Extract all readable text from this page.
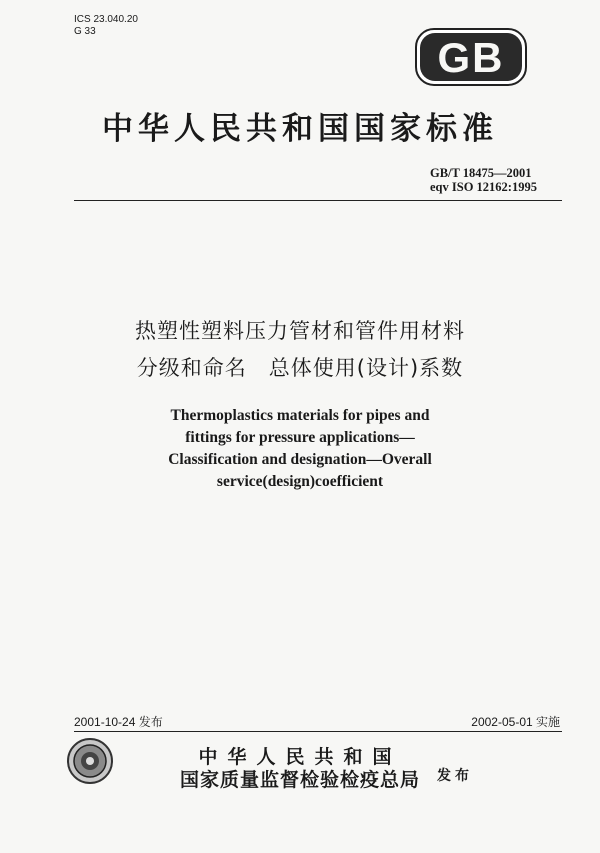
ICS 23.040.20
G 33
GB
中华人民共和国国家标准
GB/T 18475—2001
eqv ISO 12162:1995
热塑性塑料压力管材和管件用材料
分级和命名　总体使用(设计)系数
Thermoplastics materials for pipes and
fittings for pressure applications—
Classification and designation—Overall
service(design)coefficient
2001-10-24 发布	2002-05-01 实施
中华人民共和国
国家质量监督检验检疫总局	发布
